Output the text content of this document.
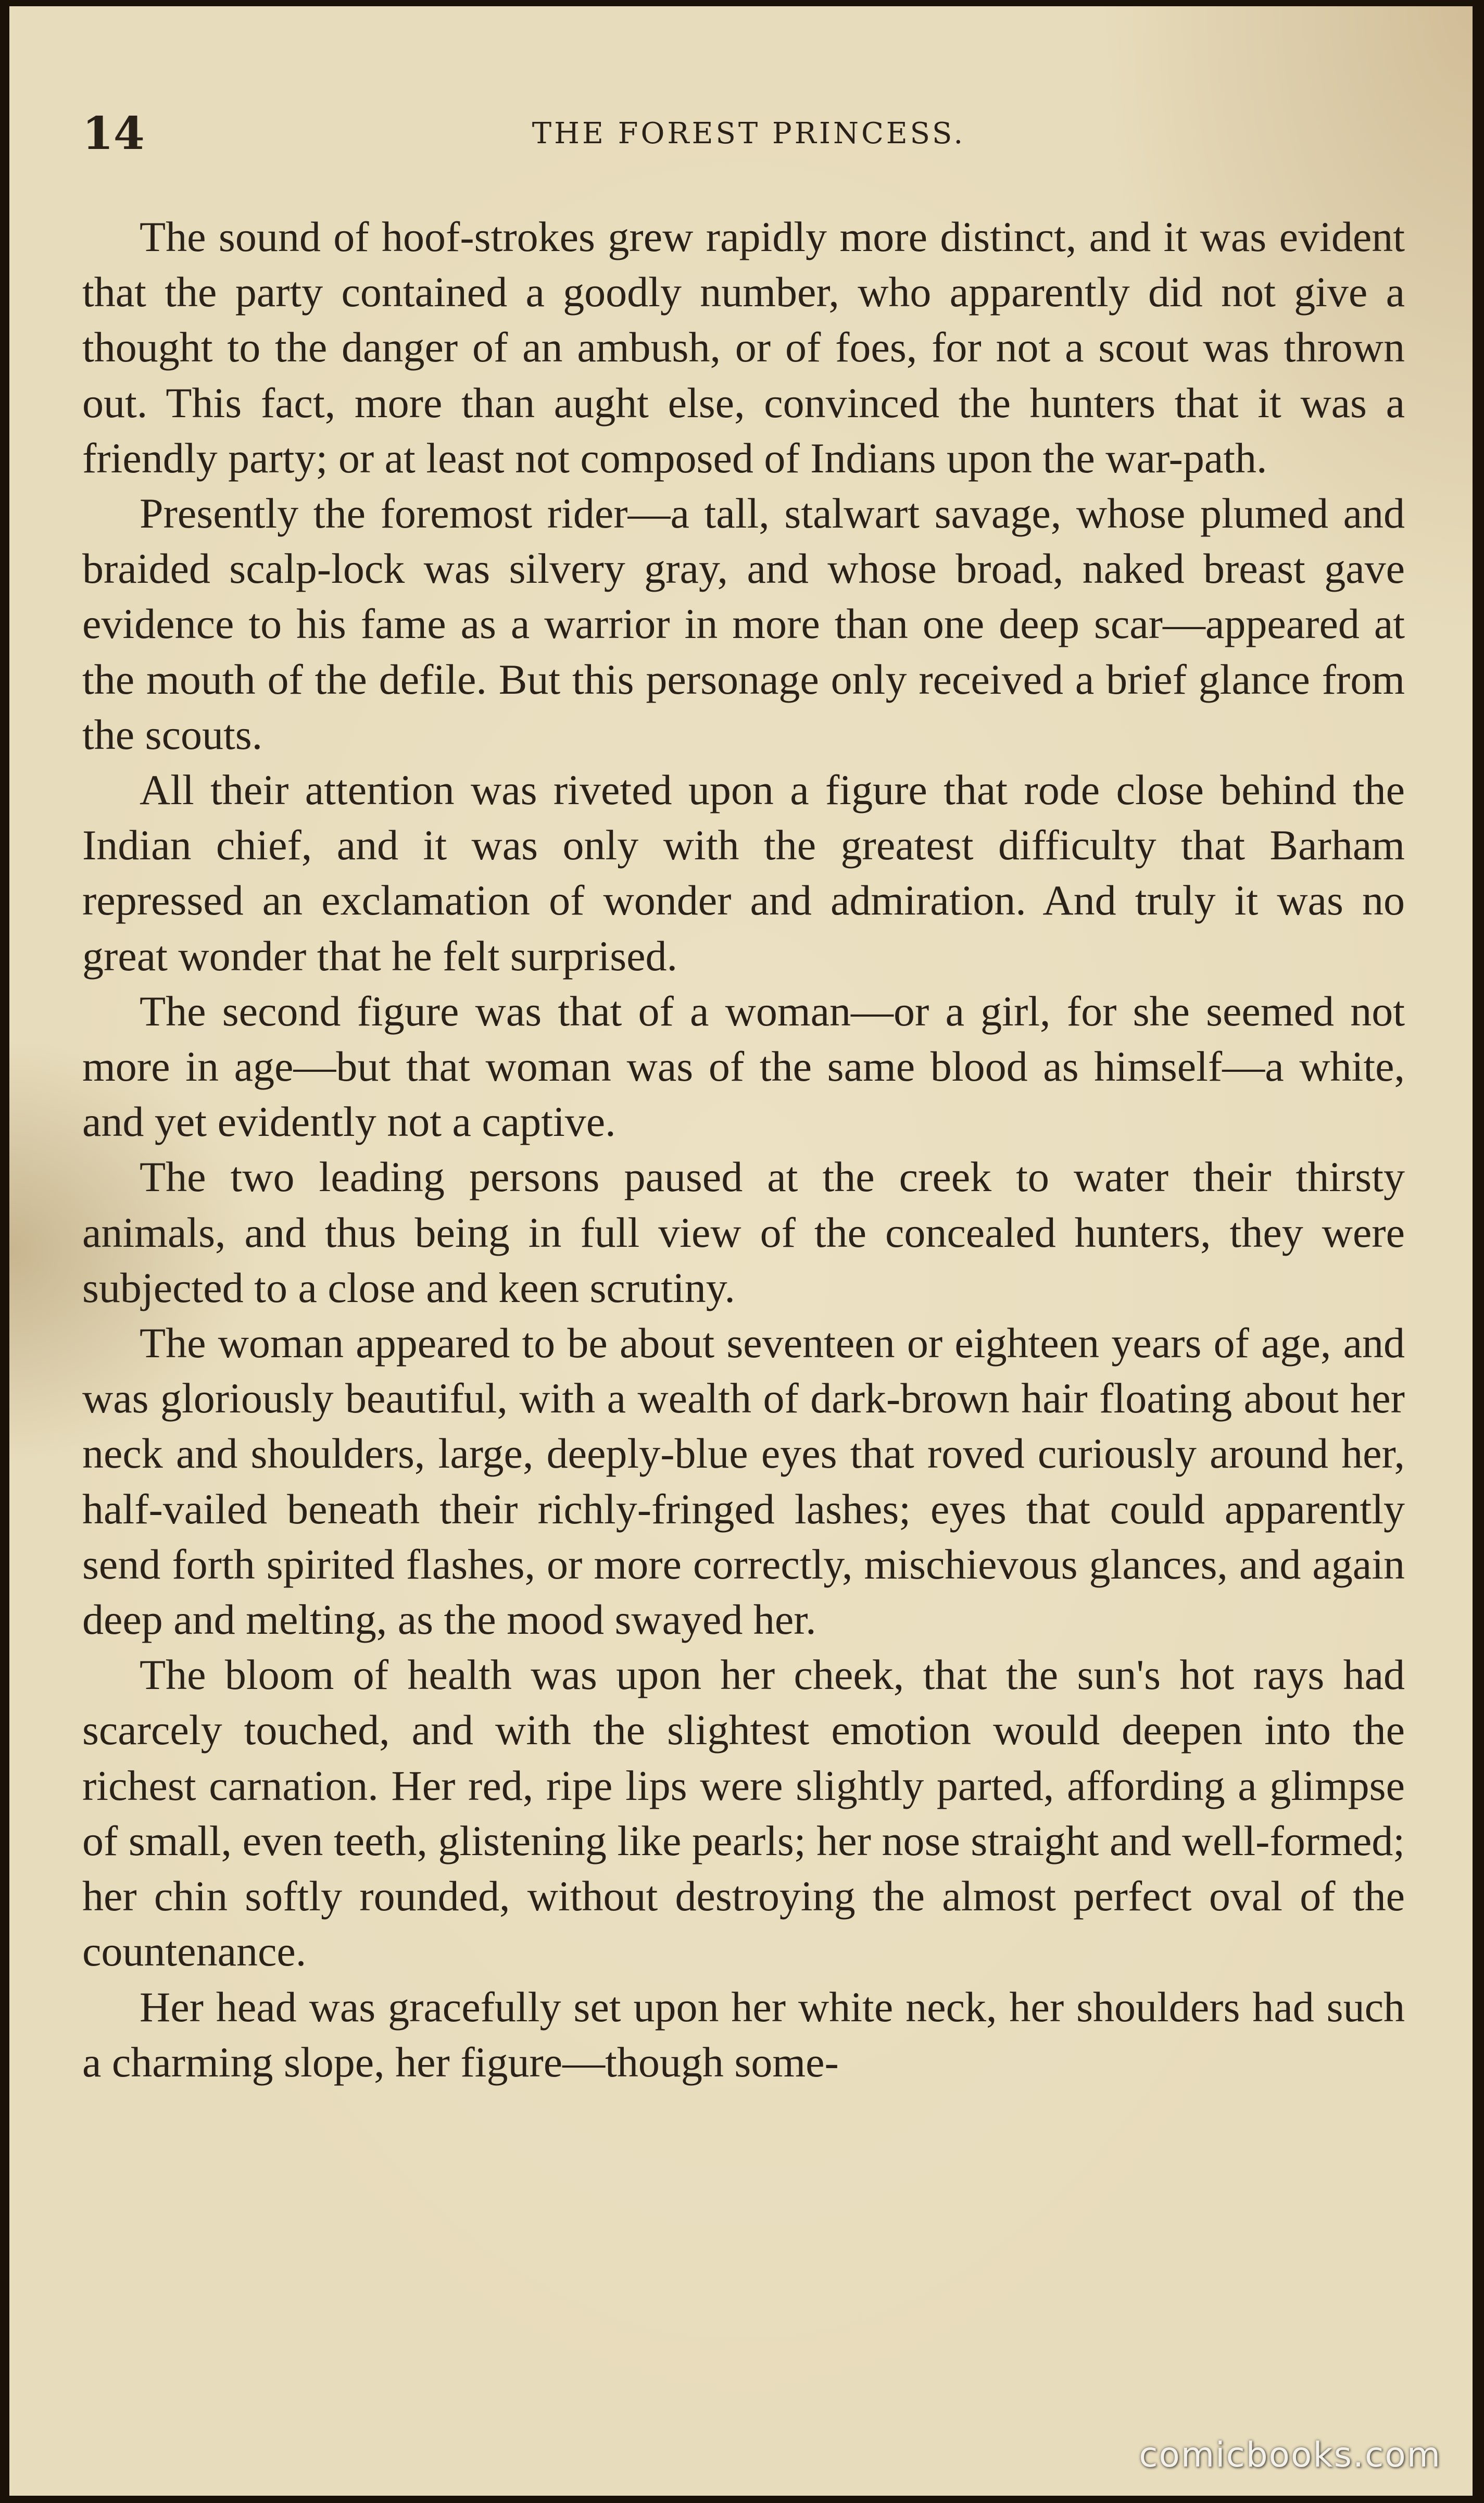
14	THE FOREST PRINCESS.

The sound of hoof-strokes grew rapidly more distinct, and it was evident that the party contained a goodly number, who apparently did not give a thought to the danger of an ambush, or of foes, for not a scout was thrown out. This fact, more than aught else, convinced the hunters that it was a friendly party; or at least not composed of Indians upon the war-path.

Presently the foremost rider—a tall, stalwart savage, whose plumed and braided scalp-lock was silvery gray, and whose broad, naked breast gave evidence to his fame as a warrior in more than one deep scar—appeared at the mouth of the defile. But this personage only received a brief glance from the scouts.

All their attention was riveted upon a figure that rode close behind the Indian chief, and it was only with the greatest difficulty that Barham repressed an exclamation of wonder and admiration. And truly it was no great wonder that he felt surprised.

The second figure was that of a woman—or a girl, for she seemed not more in age—but that woman was of the same blood as himself—a white, and yet evidently not a captive.

The two leading persons paused at the creek to water their thirsty animals, and thus being in full view of the concealed hunters, they were subjected to a close and keen scrutiny.

The woman appeared to be about seventeen or eighteen years of age, and was gloriously beautiful, with a wealth of dark-brown hair floating about her neck and shoulders, large, deeply-blue eyes that roved curiously around her, half-vailed beneath their richly-fringed lashes; eyes that could apparently send forth spirited flashes, or more correctly, mischievous glances, and again deep and melting, as the mood swayed her.

The bloom of health was upon her cheek, that the sun's hot rays had scarcely touched, and with the slightest emotion would deepen into the richest carnation. Her red, ripe lips were slightly parted, affording a glimpse of small, even teeth, glistening like pearls; her nose straight and well-formed; her chin softly rounded, without destroying the almost perfect oval of the countenance.

Her head was gracefully set upon her white neck, her shoulders had such a charming slope, her figure—though some-

comicbooks.com
